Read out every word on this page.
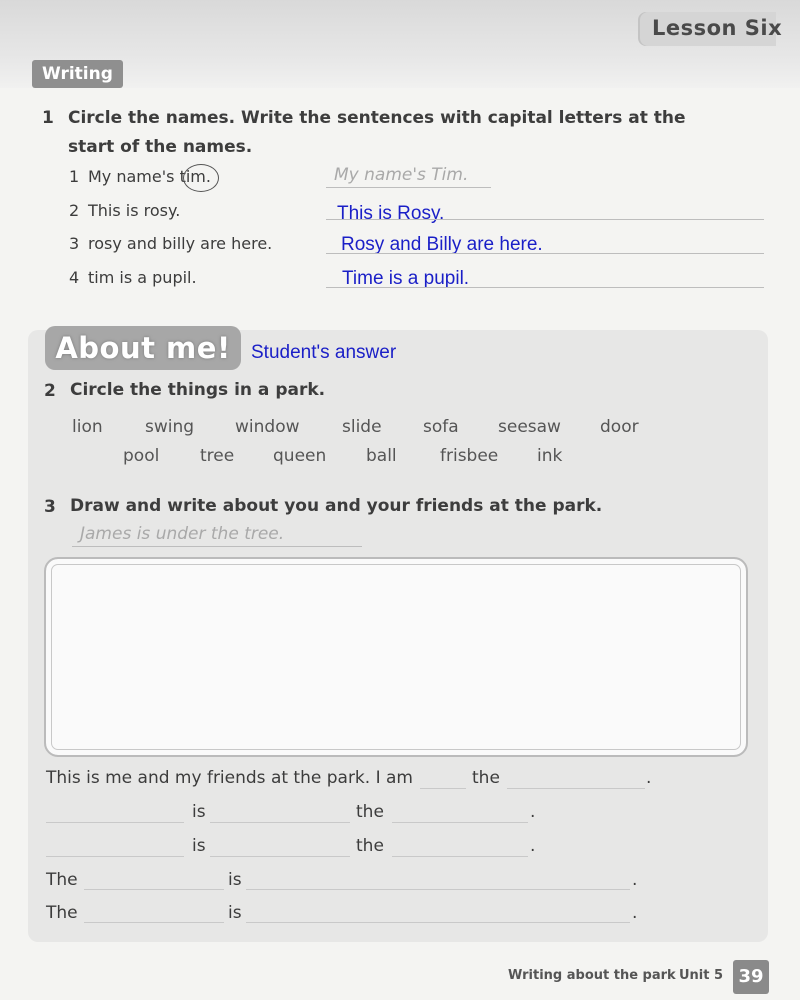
Lesson Six
Writing
1 Circle the names. Write the sentences with capital letters at the
start of the names.
1 My name's tim.	My name's Tim.
2 This is rosy.	This is Rosy.
3 rosy and billy are here.	Rosy and Billy are here.
4 tim is a pupil.	Time is a pupil.
About me!	Student's answer
2 Circle the things in a park.
lion swing window	slide sofa seesaw door
pool tree queen ball	frisbee ink
3 Draw and write about you and your friends at the park.
James is under the tree.
This is me and my friends at the park. I am	the	.
is	the	.
is	the	.
The	is	.
The	is	.
Writing about the park Unit 5 39
